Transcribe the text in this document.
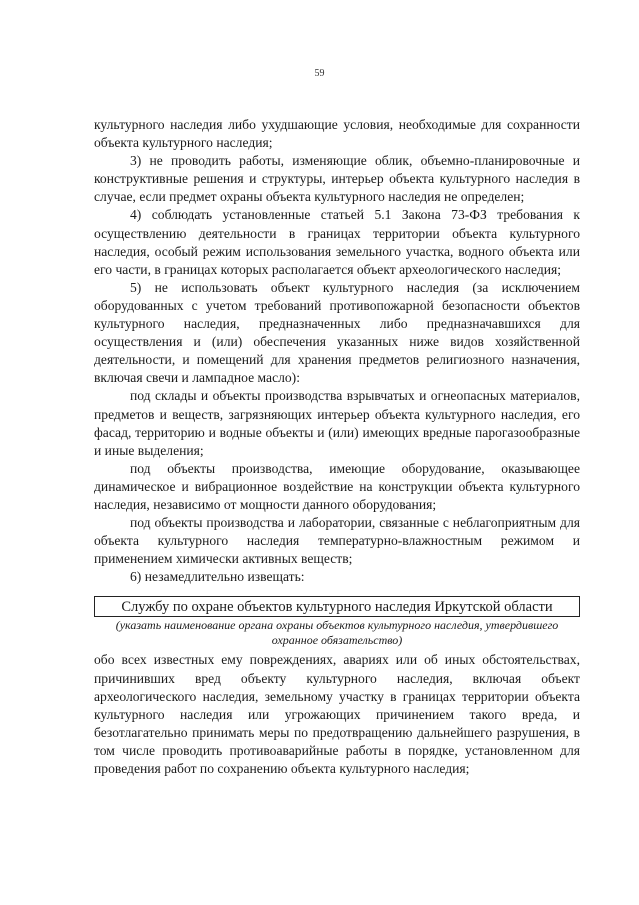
59

культурного наследия либо ухудшающие условия, необходимые для сохранности объекта культурного наследия;

3) не проводить работы, изменяющие облик, объемно-планировочные и конструктивные решения и структуры, интерьер объекта культурного наследия в случае, если предмет охраны объекта культурного наследия не определен;

4) соблюдать установленные статьей 5.1 Закона 73-ФЗ требования к осуществлению деятельности в границах территории объекта культурного наследия, особый режим использования земельного участка, водного объекта или его части, в границах которых располагается объект археологического наследия;

5) не использовать объект культурного наследия (за исключением оборудованных с учетом требований противопожарной безопасности объектов культурного наследия, предназначенных либо предназначавшихся для осуществления и (или) обеспечения указанных ниже видов хозяйственной деятельности, и помещений для хранения предметов религиозного назначения, включая свечи и лампадное масло):

под склады и объекты производства взрывчатых и огнеопасных материалов, предметов и веществ, загрязняющих интерьер объекта культурного наследия, его фасад, территорию и водные объекты и (или) имеющих вредные парогазообразные и иные выделения;

под объекты производства, имеющие оборудование, оказывающее динамическое и вибрационное воздействие на конструкции объекта культурного наследия, независимо от мощности данного оборудования;

под объекты производства и лаборатории, связанные с неблагоприятным для объекта культурного наследия температурно-влажностным режимом и применением химически активных веществ;

6) незамедлительно извещать:

Службу по охране объектов культурного наследия Иркутской области
(указать наименование органа охраны объектов культурного наследия, утвердившего охранное обязательство)

обо всех известных ему повреждениях, авариях или об иных обстоятельствах, причинивших вред объекту культурного наследия, включая объект археологического наследия, земельному участку в границах территории объекта культурного наследия или угрожающих причинением такого вреда, и безотлагательно принимать меры по предотвращению дальнейшего разрушения, в том числе проводить противоаварийные работы в порядке, установленном для проведения работ по сохранению объекта культурного наследия;
